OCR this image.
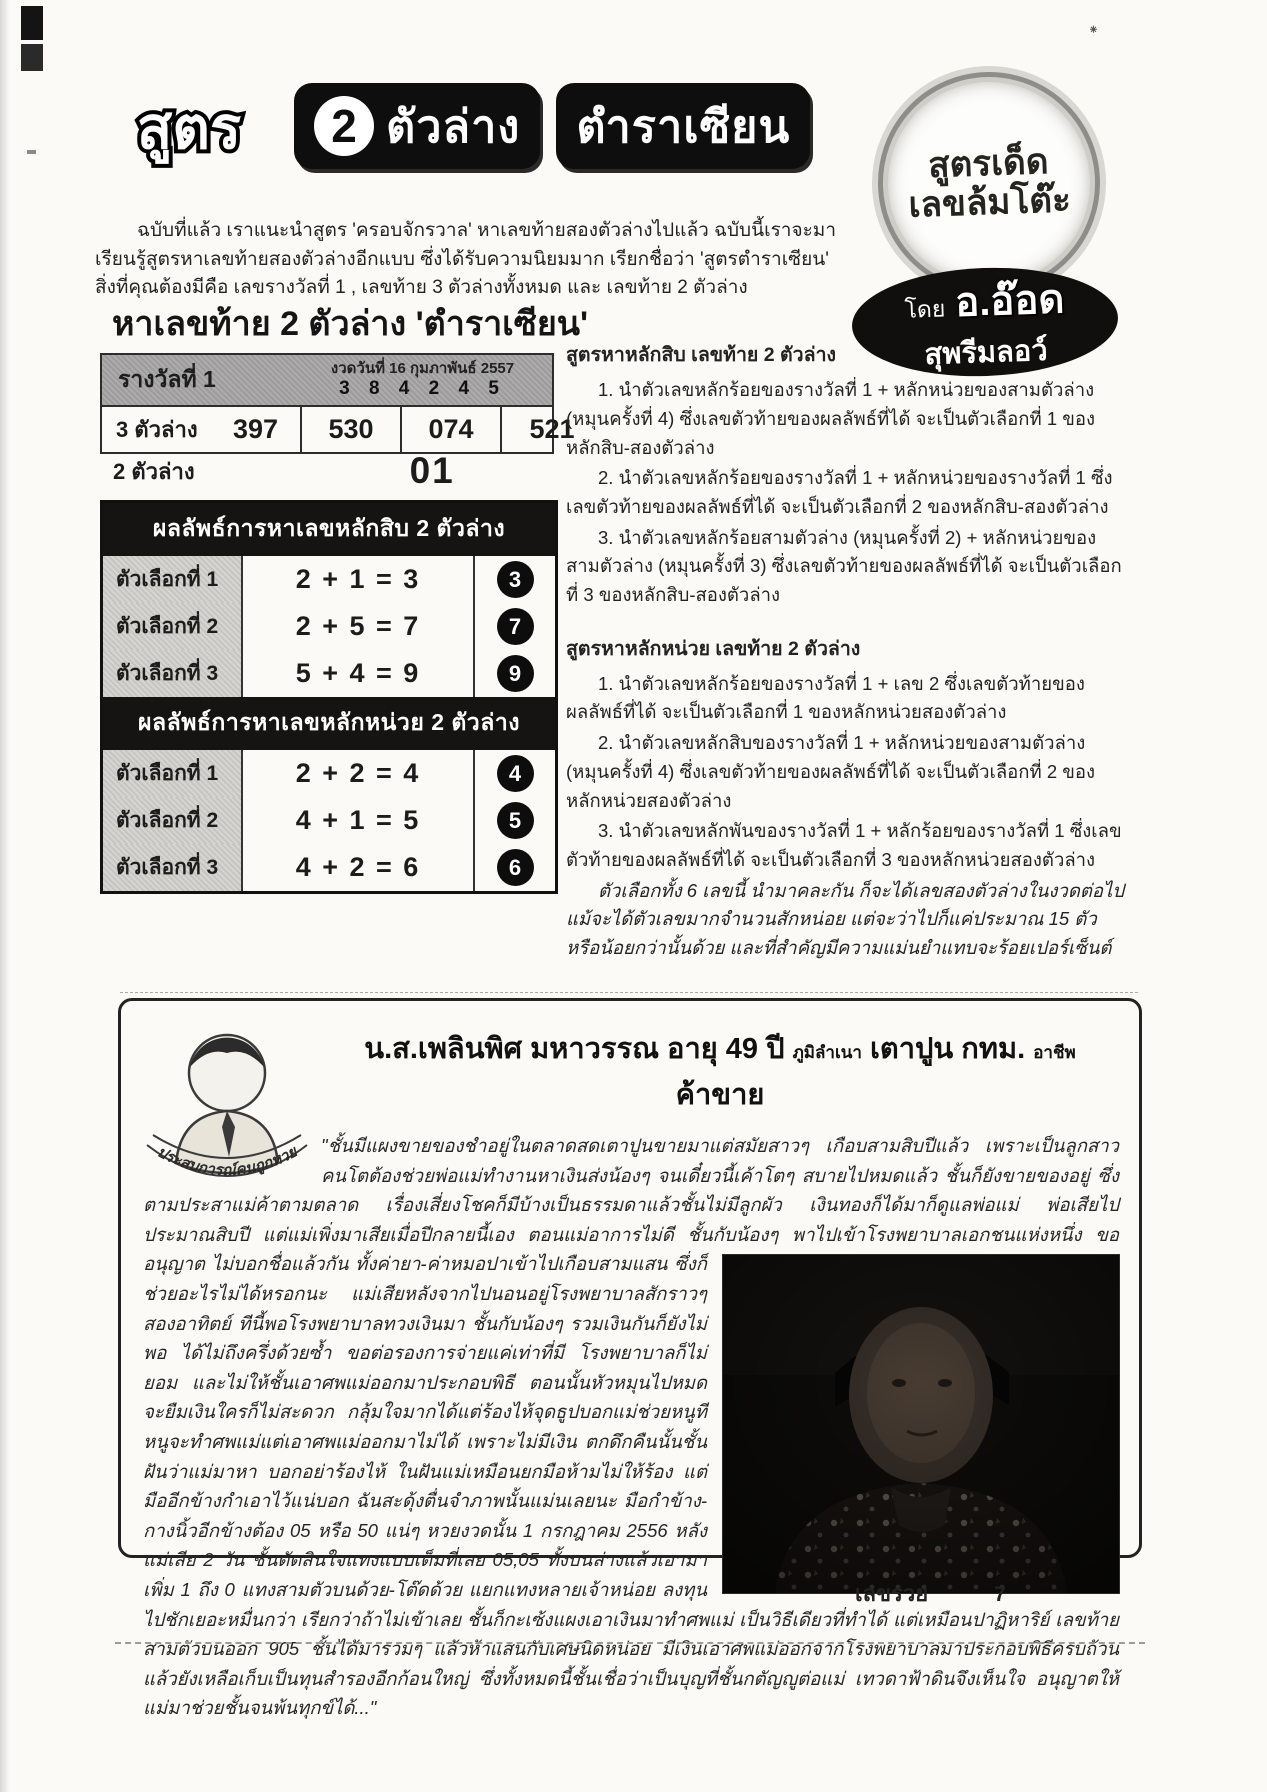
⁕
สูตร	2 ตัวล่าง ตำราเซียน
สูตรเด็ด
เลขล้มโต๊ะ
โดย อ.อ๊อด
สุพรีมลอว์

ฉบับที่แล้ว เราแนะนำสูตร 'ครอบจักรวาล' หาเลขท้ายสองตัวล่างไปแล้ว ฉบับนี้เราจะมาเรียนรู้สูตรหาเลขท้ายสองตัวล่างอีกแบบ ซึ่งได้รับความนิยมมาก เรียกชื่อว่า 'สูตรตำราเซียน' สิ่งที่คุณต้องมีคือ เลขรางวัลที่ 1 , เลขท้าย 3 ตัวล่างทั้งหมด และ เลขท้าย 2 ตัวล่าง

หาเลขท้าย 2 ตัวล่าง 'ตำราเซียน'
รางวัลที่ 1	งวดวันที่ 16 กุมภาพันธ์ 2557
3 8 4 2 4 5
3 ตัวล่าง 397	530	074	521
2 ตัวล่าง	01
ผลลัพธ์การหาเลขหลักสิบ 2 ตัวล่าง
ตัวเลือกที่ 1	2 + 1 = 3	3
ตัวเลือกที่ 2	2 + 5 = 7	7
ตัวเลือกที่ 3	5 + 4 = 9	9
ผลลัพธ์การหาเลขหลักหน่วย 2 ตัวล่าง
ตัวเลือกที่ 1	2 + 2 = 4	4
ตัวเลือกที่ 2	4 + 1 = 5	5
ตัวเลือกที่ 3	4 + 2 = 6	6

สูตรหาหลักสิบ เลขท้าย 2 ตัวล่าง

1. นำตัวเลขหลักร้อยของรางวัลที่ 1 + หลักหน่วยของสามตัวล่าง (หมุนครั้งที่ 4) ซึ่งเลขตัวท้ายของผลลัพธ์ที่ได้ จะเป็นตัวเลือกที่ 1 ของหลักสิบ-สองตัวล่าง

2. นำตัวเลขหลักร้อยของรางวัลที่ 1 + หลักหน่วยของรางวัลที่ 1 ซึ่งเลขตัวท้ายของผลลัพธ์ที่ได้ จะเป็นตัวเลือกที่ 2 ของหลักสิบ-สองตัวล่าง

3. นำตัวเลขหลักร้อยสามตัวล่าง (หมุนครั้งที่ 2) + หลักหน่วยของสามตัวล่าง (หมุนครั้งที่ 3) ซึ่งเลขตัวท้ายของผลลัพธ์ที่ได้ จะเป็นตัวเลือกที่ 3 ของหลักสิบ-สองตัวล่าง

สูตรหาหลักหน่วย เลขท้าย 2 ตัวล่าง

1. นำตัวเลขหลักร้อยของรางวัลที่ 1 + เลข 2 ซึ่งเลขตัวท้ายของผลลัพธ์ที่ได้ จะเป็นตัวเลือกที่ 1 ของหลักหน่วยสองตัวล่าง

2. นำตัวเลขหลักสิบของรางวัลที่ 1 + หลักหน่วยของสามตัวล่าง (หมุนครั้งที่ 4) ซึ่งเลขตัวท้ายของผลลัพธ์ที่ได้ จะเป็นตัวเลือกที่ 2 ของหลักหน่วยสองตัวล่าง

3. นำตัวเลขหลักพันของรางวัลที่ 1 + หลักร้อยของรางวัลที่ 1 ซึ่งเลขตัวท้ายของผลลัพธ์ที่ได้ จะเป็นตัวเลือกที่ 3 ของหลักหน่วยสองตัวล่าง

ตัวเลือกทั้ง 6 เลขนี้ นำมาคละกัน ก็จะได้เลขสองตัวล่างในงวดต่อไป แม้จะได้ตัวเลขมากจำนวนสักหน่อย แต่จะว่าไปก็แค่ประมาณ 15 ตัว หรือน้อยกว่านั้นด้วย และที่สำคัญมีความแม่นยำแทบจะร้อยเปอร์เซ็นต์

ประสบการณ์คนถูกหวย
น.ส.เพลินพิศ มหาวรรณ อายุ 49 ปี ภูมิลำเนา เตาปูน กทม. อาชีพ ค้าขาย
"ชั้นมีแผงขายของชำอยู่ในตลาดสดเตาปูนขายมาแต่สมัยสาวๆ เกือบสามสิบปีแล้ว เพราะเป็นลูกสาวคนโตต้องช่วยพ่อแม่ทำงานหาเงินส่งน้องๆ จนเดี๋ยวนี้เค้าโตๆ สบายไปหมดแล้ว ชั้นก็ยังขายของอยู่ ซึ่งตามประสาแม่ค้าตามตลาด เรื่องเสี่ยงโชคก็มีบ้างเป็นธรรมดาแล้วชั้นไม่มีลูกผัว เงินทองก็ได้มาก็ดูแลพ่อแม่ พ่อเสียไปประมาณสิบปี แต่แม่เพิ่งมาเสียเมื่อปีกลายนี้เอง ตอนแม่อาการไม่ดี ชั้นกับน้องๆ พาไปเข้าโรงพยาบาลเอกชนแห่งหนึ่ง ขออนุญาต ไม่บอกชื่อแล้วกัน ทั้งค่ายา-ค่าหมอปาเข้าไปเกือบสามแสน ซึ่งก็ช่วยอะไรไม่ได้หรอกนะ แม่เสียหลังจากไปนอนอยู่โรงพยาบาลสักราวๆ สองอาทิตย์ ทีนี้พอโรงพยาบาลทวงเงินมา ชั้นกับน้องๆ รวมเงินกันก็ยังไม่พอ ได้ไม่ถึงครึ่งด้วยซ้ำ ขอต่อรองการจ่ายแค่เท่าที่มี โรงพยาบาลก็ไม่ยอม และไม่ให้ชั้นเอาศพแม่ออกมาประกอบพิธี ตอนนั้นหัวหมุนไปหมด จะยืมเงินใครก็ไม่สะดวก กลุ้มใจมากได้แต่ร้องไห้จุดธูปบอกแม่ช่วยหนูที หนูจะทำศพแม่แต่เอาศพแม่ออกมาไม่ได้ เพราะไม่มีเงิน ตกดึกคืนนั้นชั้นฝันว่าแม่มาหา บอกอย่าร้องไห้ ในฝันแม่เหมือนยกมือห้ามไม่ให้ร้อง แต่มืออีกข้างกำเอาไว้แน่บอก ฉันสะดุ้งตื่นจำภาพนั้นแม่นเลยนะ มือกำข้าง-กางนิ้วอีกข้างต้อง 05 หรือ 50 แน่ๆ หวยงวดนั้น 1 กรกฎาคม 2556 หลังแม่เสีย 2 วัน ชั้นตัดสินใจแทงแบบเต็มที่เลย 05,05 ทั้งบนล่างแล้วเอามาเพิ่ม 1 ถึง 0 แทงสามตัวบนด้วย-โต๊ดด้วย แยกแทงหลายเจ้าหน่อย ลงทุนไปชักเยอะหมื่นกว่า เรียกว่าถ้าไม่เข้าเลย ชั้นก็กะเซ้งแผงเอาเงินมาทำศพแม่ เป็นวิธีเดียวที่ทำได้ แต่เหมือนปาฏิหาริย์ เลขท้ายสามตัวบนออก 905 ชั้นได้มารวมๆ แล้วห้าแสนกับเศษนิดหน่อย มีเงินเอาศพแม่ออกจากโรงพยาบาลมาประกอบพิธีครบถ้วน แล้วยังเหลือเก็บเป็นทุนสำรองอีกก้อนใหญ่ ซึ่งทั้งหมดนี้ชั้นเชื่อว่าเป็นบุญที่ชั้นกตัญญูต่อแม่ เทวดาฟ้าดินจึงเห็นใจ อนุญาตให้แม่มาช่วยชั้นจนพ้นทุกข์ได้..."
เลขรวย	7
